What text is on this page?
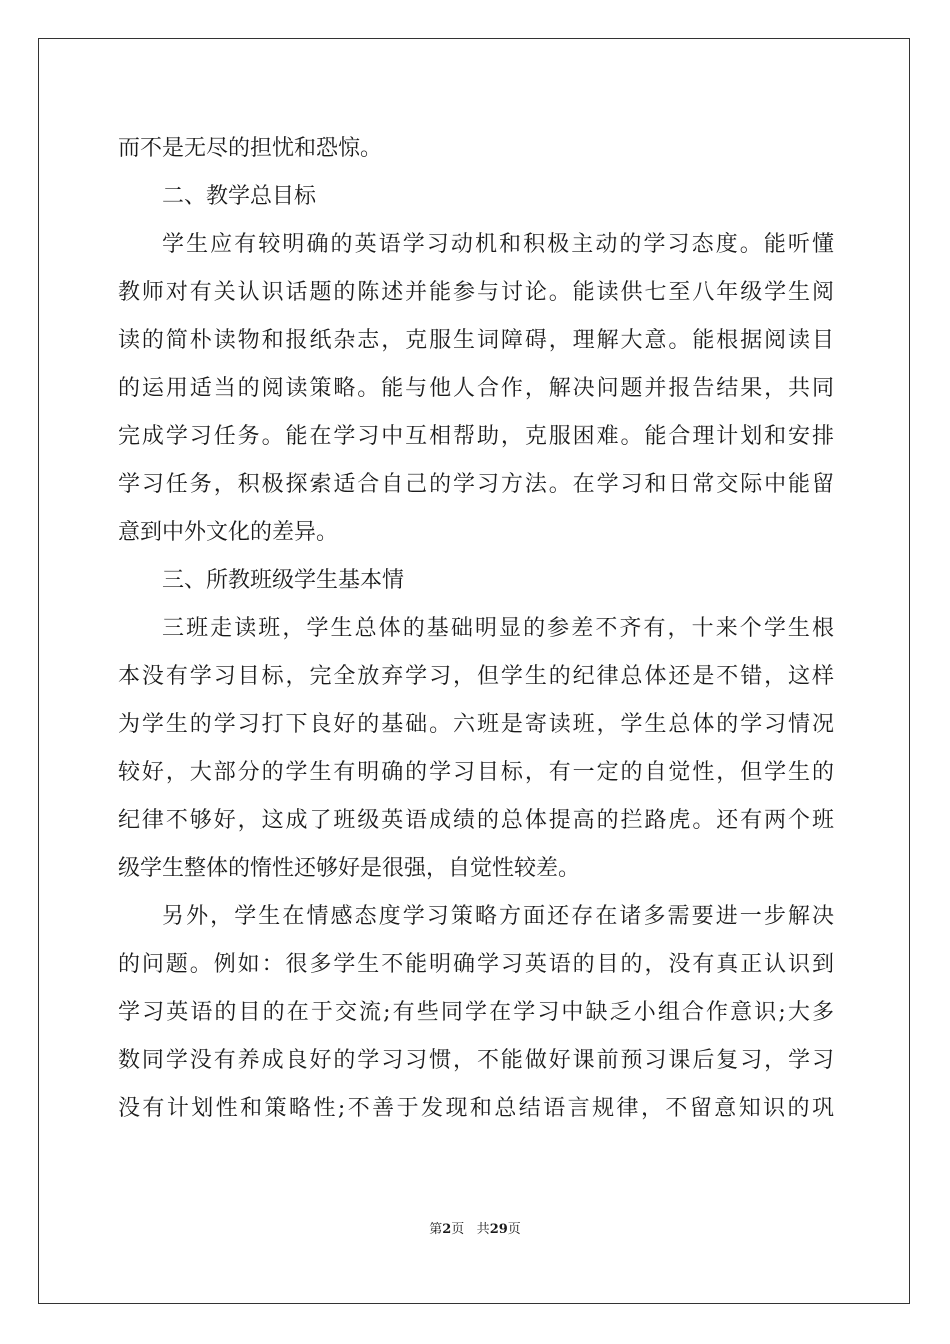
而不是无尽的担忧和恐惊。
二、教学总目标
学生应有较明确的英语学习动机和积极主动的学习态度。能听懂
教师对有关认识话题的陈述并能参与讨论。能读供七至八年级学生阅
读的简朴读物和报纸杂志，克服生词障碍，理解大意。能根据阅读目
的运用适当的阅读策略。能与他人合作，解决问题并报告结果，共同
完成学习任务。能在学习中互相帮助，克服困难。能合理计划和安排
学习任务，积极探索适合自己的学习方法。在学习和日常交际中能留
意到中外文化的差异。
三、所教班级学生基本情
三班走读班，学生总体的基础明显的参差不齐有，十来个学生根
本没有学习目标，完全放弃学习，但学生的纪律总体还是不错，这样
为学生的学习打下良好的基础。六班是寄读班，学生总体的学习情况
较好，大部分的学生有明确的学习目标，有一定的自觉性，但学生的
纪律不够好，这成了班级英语成绩的总体提高的拦路虎。还有两个班
级学生整体的惰性还够好是很强，自觉性较差。
另外，学生在情感态度学习策略方面还存在诸多需要进一步解决
的问题。例如：很多学生不能明确学习英语的目的，没有真正认识到
学习英语的目的在于交流;有些同学在学习中缺乏小组合作意识;大多
数同学没有养成良好的学习习惯，不能做好课前预习课后复习，学习
没有计划性和策略性;不善于发现和总结语言规律，不留意知识的巩
第2页 共29页
